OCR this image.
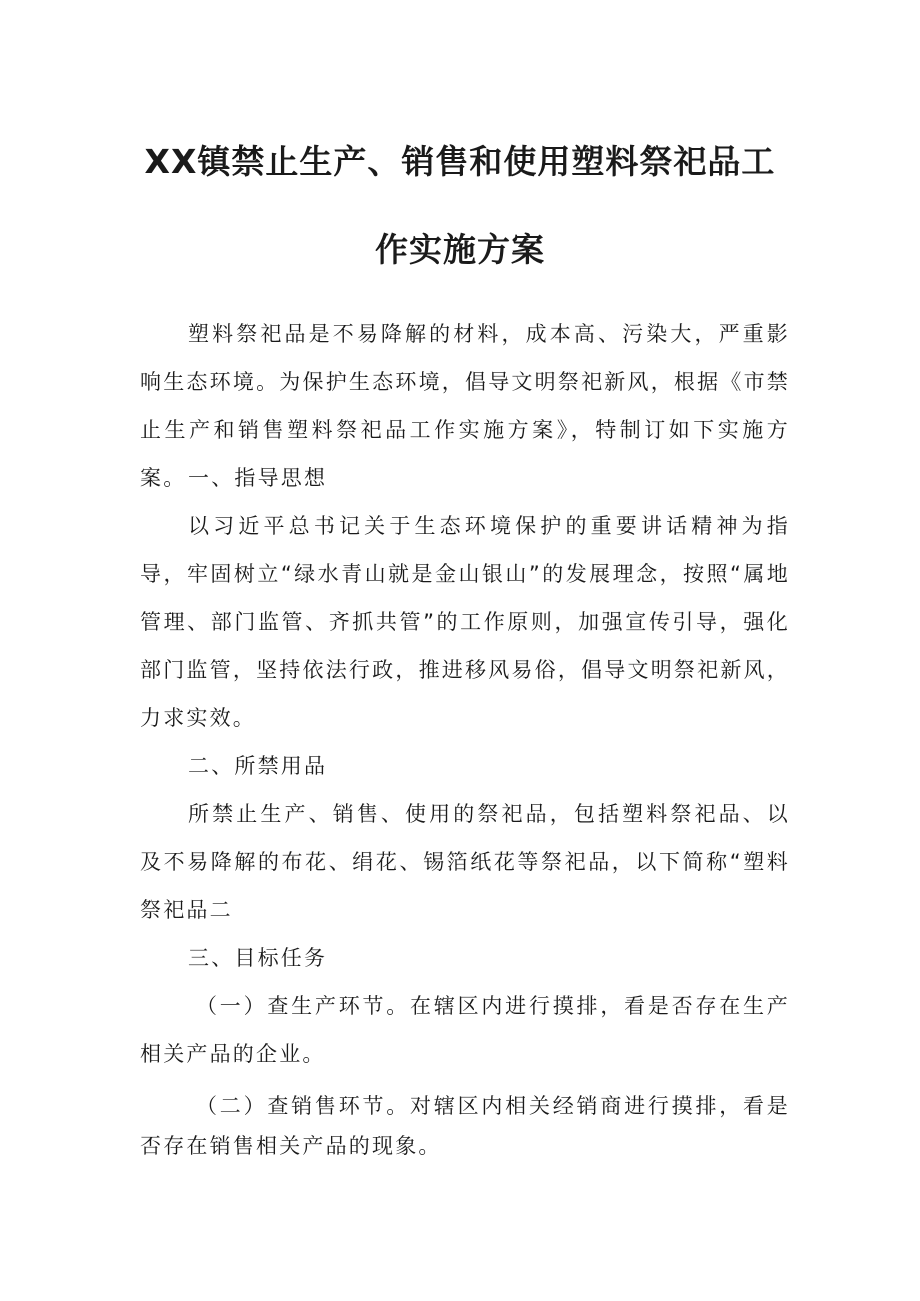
XX镇禁止生产、销售和使用塑料祭祀品工
作实施方案

塑料祭祀品是不易降解的材料，成本高、污染大，严重影响生态环境。为保护生态环境，倡导文明祭祀新风，根据《市禁止生产和销售塑料祭祀品工作实施方案》，特制订如下实施方案。 一、指导思想

以习近平总书记关于生态环境保护的重要讲话精神为指导，牢固树立“绿水青山就是金山银山”的发展理念，按照“属地管理、部门监管、齐抓共管”的工作原则，加强宣传引导，强化部门监管，坚持依法行政，推进移风易俗，倡导文明祭祀新风，力求实效。

二、所禁用品

所禁止生产、销售、使用的祭祀品，包括塑料祭祀品、以及不易降解的布花、绢花、锡箔纸花等祭祀品，以下简称“塑料祭祀品二

三、目标任务

（一）查生产环节。在辖区内进行摸排，看是否存在生产相关产品的企业。

（二）查销售环节。对辖区内相关经销商进行摸排，看是否存在销售相关产品的现象。
